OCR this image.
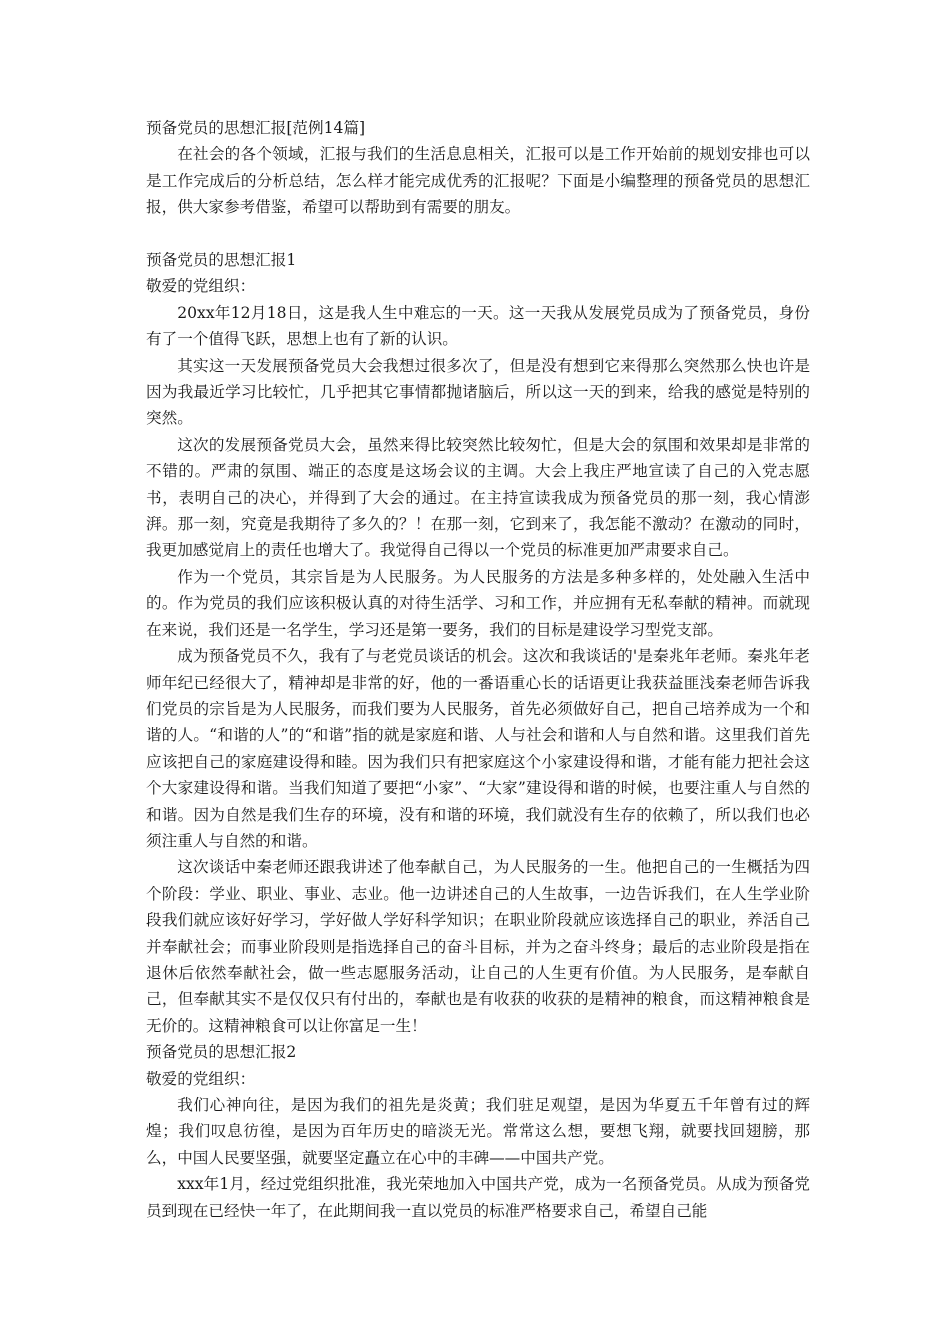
预备党员的思想汇报[范例14篇]

在社会的各个领域，汇报与我们的生活息息相关，汇报可以是工作开始前的规划安排也可以是工作完成后的分析总结，怎么样才能完成优秀的汇报呢？下面是小编整理的预备党员的思想汇报，供大家参考借鉴，希望可以帮助到有需要的朋友。

预备党员的思想汇报1

敬爱的党组织：

20xx年12月18日，这是我人生中难忘的一天。这一天我从发展党员成为了预备党员，身份有了一个值得飞跃，思想上也有了新的认识。

其实这一天发展预备党员大会我想过很多次了，但是没有想到它来得那么突然那么快也许是因为我最近学习比较忙，几乎把其它事情都抛诸脑后，所以这一天的到来，给我的感觉是特别的突然。

这次的发展预备党员大会，虽然来得比较突然比较匆忙，但是大会的氛围和效果却是非常的不错的。严肃的氛围、端正的态度是这场会议的主调。大会上我庄严地宣读了自己的入党志愿书，表明自己的决心，并得到了大会的通过。在主持宣读我成为预备党员的那一刻，我心情澎湃。那一刻，究竟是我期待了多久的？！在那一刻，它到来了，我怎能不激动？在激动的同时，我更加感觉肩上的责任也增大了。我觉得自己得以一个党员的标准更加严肃要求自己。

作为一个党员，其宗旨是为人民服务。为人民服务的方法是多种多样的，处处融入生活中的。作为党员的我们应该积极认真的对待生活学、习和工作，并应拥有无私奉献的精神。而就现在来说，我们还是一名学生，学习还是第一要务，我们的目标是建设学习型党支部。

成为预备党员不久，我有了与老党员谈话的机会。这次和我谈话的'是秦兆年老师。秦兆年老师年纪已经很大了，精神却是非常的好，他的一番语重心长的话语更让我获益匪浅秦老师告诉我们党员的宗旨是为人民服务，而我们要为人民服务，首先必须做好自己，把自己培养成为一个和谐的人。“和谐的人”的“和谐”指的就是家庭和谐、人与社会和谐和人与自然和谐。这里我们首先应该把自己的家庭建设得和睦。因为我们只有把家庭这个小家建设得和谐，才能有能力把社会这个大家建设得和谐。当我们知道了要把“小家”、“大家”建设得和谐的时候，也要注重人与自然的和谐。因为自然是我们生存的环境，没有和谐的环境，我们就没有生存的依赖了，所以我们也必须注重人与自然的和谐。

这次谈话中秦老师还跟我讲述了他奉献自己，为人民服务的一生。他把自己的一生概括为四个阶段：学业、职业、事业、志业。他一边讲述自己的人生故事，一边告诉我们，在人生学业阶段我们就应该好好学习，学好做人学好科学知识；在职业阶段就应该选择自己的职业，养活自己并奉献社会；而事业阶段则是指选择自己的奋斗目标，并为之奋斗终身；最后的志业阶段是指在退休后依然奉献社会，做一些志愿服务活动，让自己的人生更有价值。为人民服务，是奉献自己，但奉献其实不是仅仅只有付出的，奉献也是有收获的收获的是精神的粮食，而这精神粮食是无价的。这精神粮食可以让你富足一生！

预备党员的思想汇报2

敬爱的党组织：

我们心神向往，是因为我们的祖先是炎黄；我们驻足观望，是因为华夏五千年曾有过的辉煌；我们叹息彷徨，是因为百年历史的暗淡无光。常常这么想，要想飞翔，就要找回翅膀，那么，中国人民要坚强，就要坚定矗立在心中的丰碑——中国共产党。

xxx年1月，经过党组织批准，我光荣地加入中国共产党，成为一名预备党员。从成为预备党员到现在已经快一年了，在此期间我一直以党员的标准严格要求自己，希望自己能
